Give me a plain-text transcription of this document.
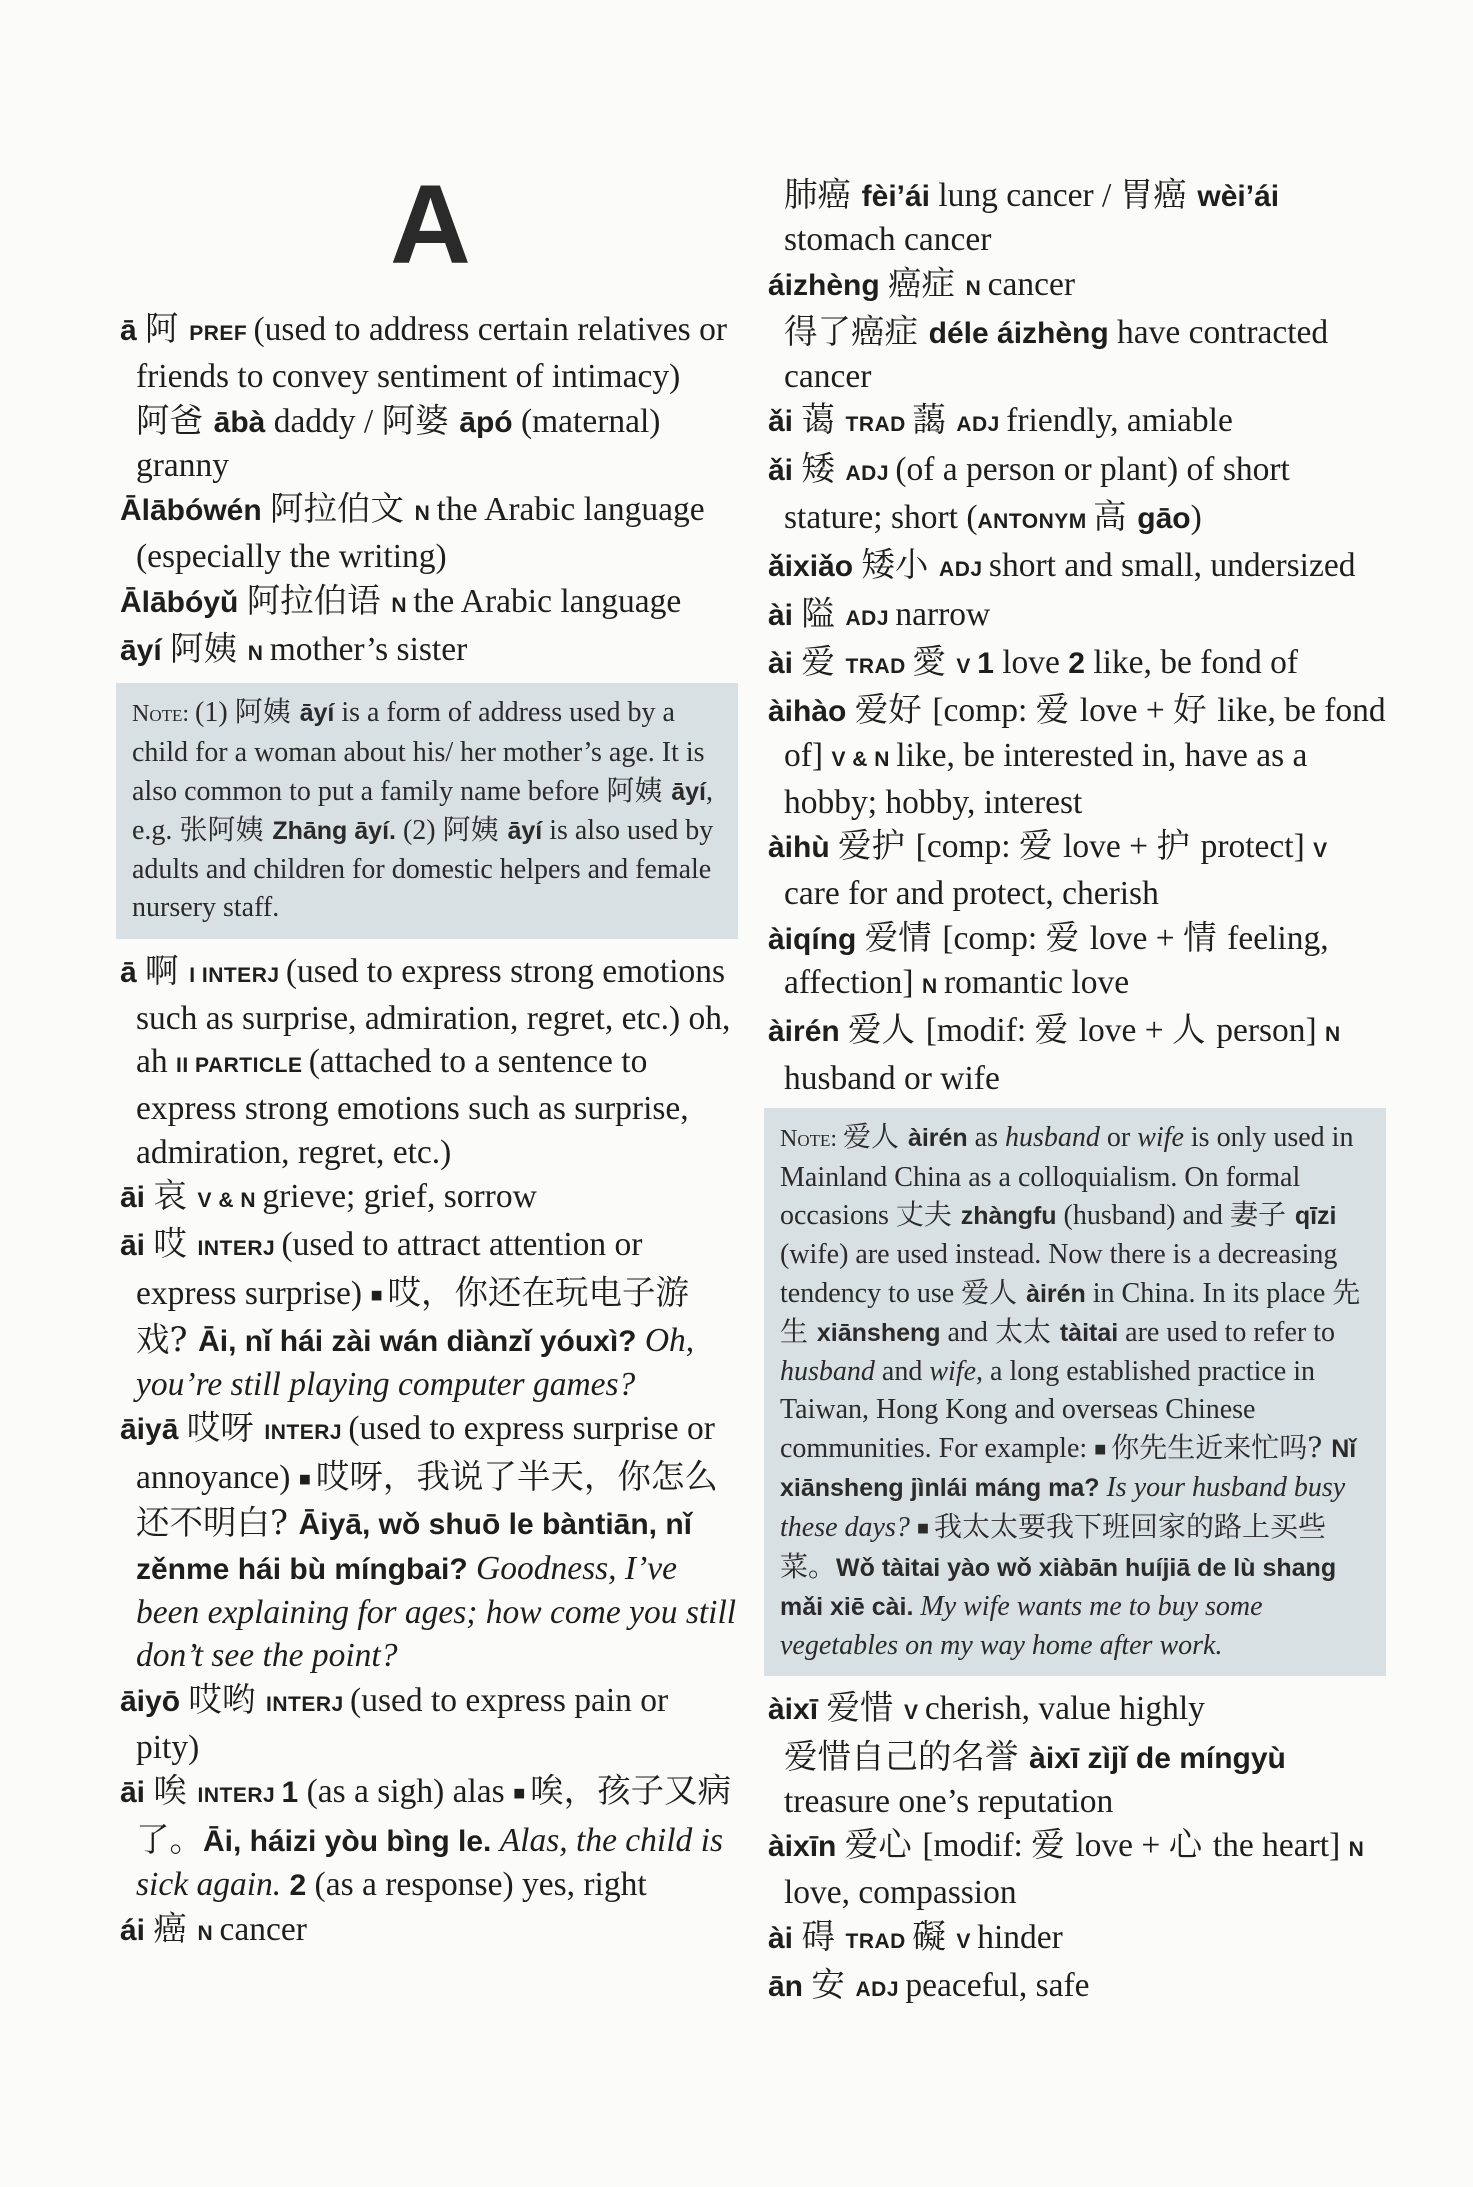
A
ā 阿 PREF (used to address certain relatives or friends to convey sentiment of intimacy)
阿爸 ābà daddy / 阿婆 āpó (maternal) granny
Ālābówén 阿拉伯文 N the Arabic language (especially the writing)
Ālābóyǔ 阿拉伯语 N the Arabic language
āyí 阿姨 N mother’s sister
Note: (1) 阿姨 āyí is a form of address used by a child for a woman about his/ her mother’s age. It is also common to put a family name before 阿姨 āyí, e.g. 张阿姨 Zhāng āyí. (2) 阿姨 āyí is also used by adults and children for domestic helpers and female nursery staff.
ā 啊 I INTERJ (used to express strong emotions such as surprise, admiration, regret, etc.) oh, ah II PARTICLE (attached to a sentence to express strong emotions such as surprise, admiration, regret, etc.)
āi 哀 V & N grieve; grief, sorrow
āi 哎 INTERJ (used to attract attention or express surprise) ■ 哎，你还在玩电子游戏? Āi, nǐ hái zài wán diànzǐ yóuxì? Oh, you’re still playing computer games?
āiyā 哎呀 INTERJ (used to express surprise or annoyance) ■ 哎呀，我说了半天，你怎么还不明白? Āiyā, wǒ shuō le bàntiān, nǐ zěnme hái bù míngbai? Goodness, I’ve been explaining for ages; how come you still don’t see the point?
āiyō 哎哟 INTERJ (used to express pain or pity)
āi 唉 INTERJ 1 (as a sigh) alas ■ 唉，孩子又病了。Āi, háizi yòu bìng le. Alas, the child is sick again. 2 (as a response) yes, right
ái 癌 N cancer
肺癌 fèi’ái lung cancer / 胃癌 wèi’ái stomach cancer
áizhèng 癌症 N cancer
得了癌症 déle áizhèng have contracted cancer
ǎi 蔼 TRAD 藹 ADJ friendly, amiable
ǎi 矮 ADJ (of a person or plant) of short stature; short (ANTONYM 高 gāo)
ǎixiǎo 矮小 ADJ short and small, undersized
ài 隘 ADJ narrow
ài 爱 TRAD 愛 V 1 love 2 like, be fond of
àihào 爱好 [comp: 爱 love + 好 like, be fond of] V & N like, be interested in, have as a hobby; hobby, interest
àihù 爱护 [comp: 爱 love + 护 protect] V care for and protect, cherish
àiqíng 爱情 [comp: 爱 love + 情 feeling, affection] N romantic love
àirén 爱人 [modif: 爱 love + 人 person] N husband or wife
Note: 爱人 àirén as husband or wife is only used in Mainland China as a colloquialism. On formal occasions 丈夫 zhàngfu (husband) and 妻子 qīzi (wife) are used instead. Now there is a decreasing tendency to use 爱人 àirén in China. In its place 先生 xiānsheng and 太太 tàitai are used to refer to husband and wife, a long established practice in Taiwan, Hong Kong and overseas Chinese communities. For example: ■ 你先生近来忙吗? Nǐ xiānsheng jìnlái máng ma? Is your husband busy these days? ■ 我太太要我下班回家的路上买些菜。Wǒ tàitai yào wǒ xiàbān huíjiā de lù shang mǎi xiē cài. My wife wants me to buy some vegetables on my way home after work.
àixī 爱惜 V cherish, value highly
爱惜自己的名誉 àixī zìjǐ de míngyù treasure one’s reputation
àixīn 爱心 [modif: 爱 love + 心 the heart] N love, compassion
ài 碍 TRAD 礙 V hinder
ān 安 ADJ peaceful, safe
